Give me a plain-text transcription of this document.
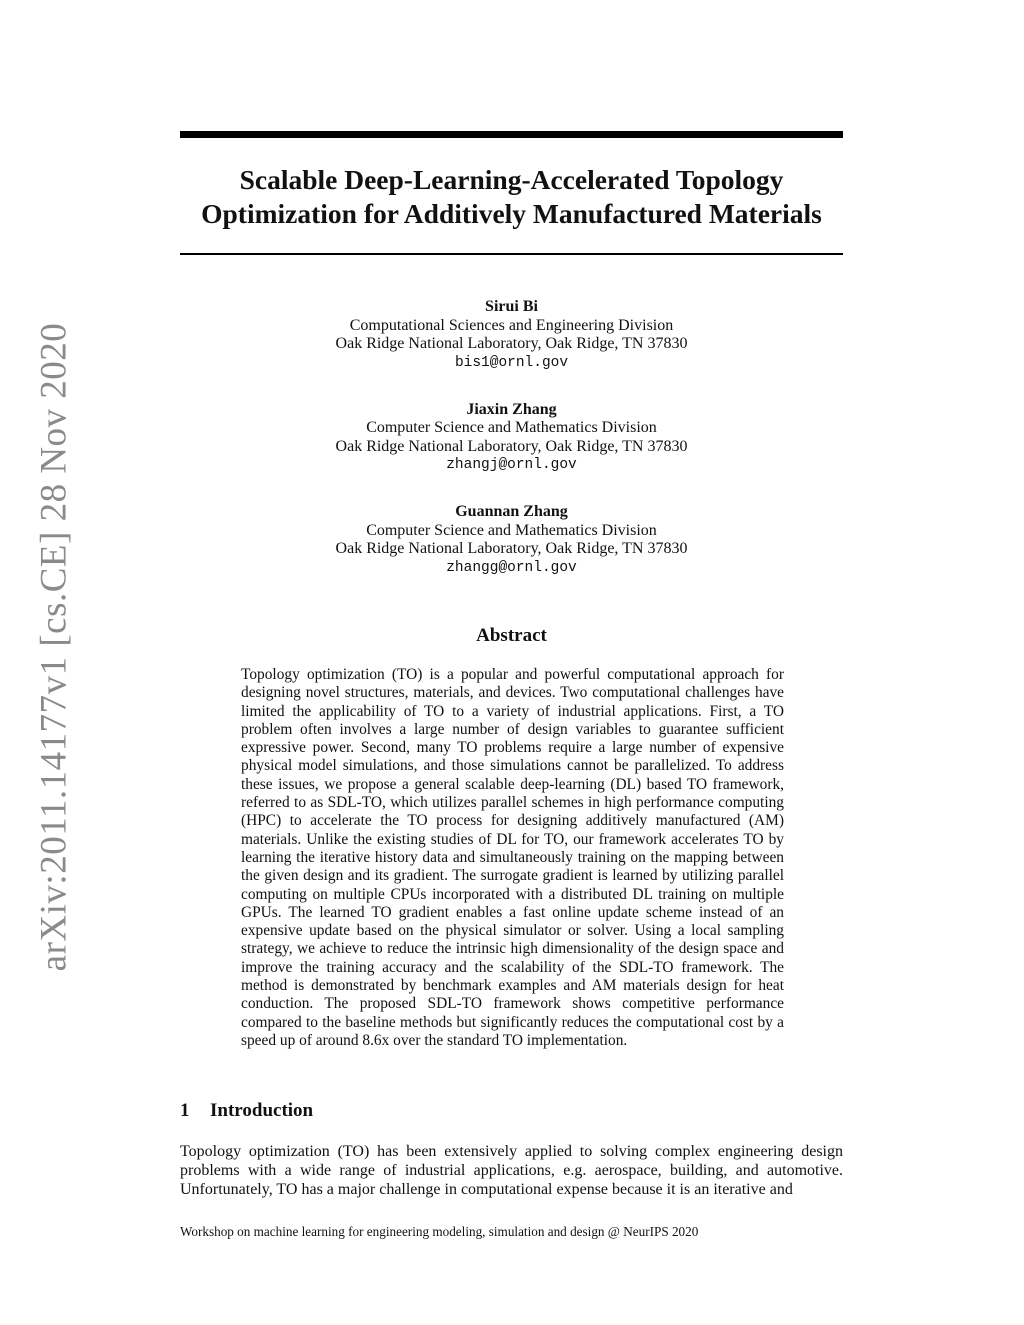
arXiv:2011.14177v1 [cs.CE] 28 Nov 2020
Scalable Deep-Learning-Accelerated Topology
Optimization for Additively Manufactured Materials
Sirui Bi
Computational Sciences and Engineering Division
Oak Ridge National Laboratory, Oak Ridge, TN 37830
bis1@ornl.gov
Jiaxin Zhang
Computer Science and Mathematics Division
Oak Ridge National Laboratory, Oak Ridge, TN 37830
zhangj@ornl.gov
Guannan Zhang
Computer Science and Mathematics Division
Oak Ridge National Laboratory, Oak Ridge, TN 37830
zhangg@ornl.gov
Abstract

Topology optimization (TO) is a popular and powerful computational approach for designing novel structures, materials, and devices. Two computational challenges have limited the applicability of TO to a variety of industrial applications. First, a TO problem often involves a large number of design variables to guarantee sufficient expressive power. Second, many TO problems require a large number of expensive physical model simulations, and those simulations cannot be parallelized. To address these issues, we propose a general scalable deep-learning (DL) based TO framework, referred to as SDL-TO, which utilizes parallel schemes in high performance computing (HPC) to accelerate the TO process for designing additively manufactured (AM) materials. Unlike the existing studies of DL for TO, our framework accelerates TO by learning the iterative history data and simultaneously training on the mapping between the given design and its gradient. The surrogate gradient is learned by utilizing parallel computing on multiple CPUs incorporated with a distributed DL training on multiple GPUs. The learned TO gradient enables a fast online update scheme instead of an expensive update based on the physical simulator or solver. Using a local sampling strategy, we achieve to reduce the intrinsic high dimensionality of the design space and improve the training accuracy and the scalability of the SDL-TO framework. The method is demonstrated by benchmark examples and AM materials design for heat conduction. The proposed SDL-TO framework shows competitive performance compared to the baseline methods but significantly reduces the computational cost by a speed up of around 8.6x over the standard TO implementation.

1 Introduction

Topology optimization (TO) has been extensively applied to solving complex engineering design problems with a wide range of industrial applications, e.g. aerospace, building, and automotive. Unfortunately, TO has a major challenge in computational expense because it is an iterative and

Workshop on machine learning for engineering modeling, simulation and design @ NeurIPS 2020
